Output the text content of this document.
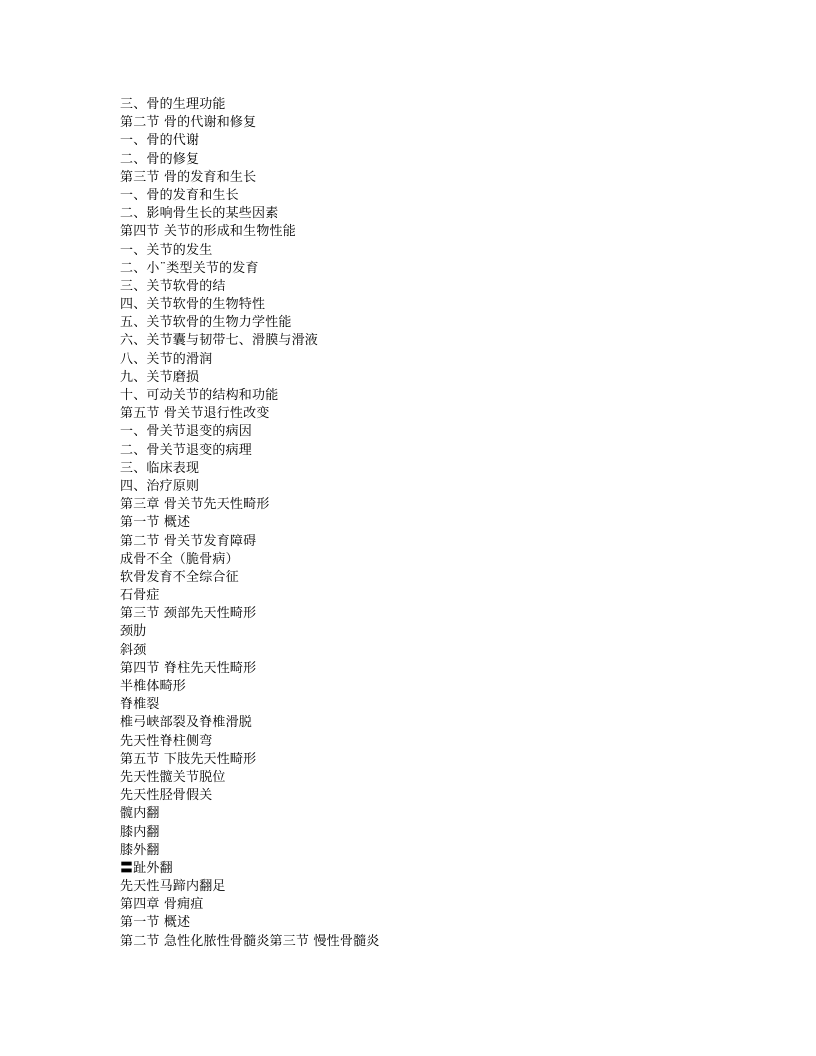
三、骨的生理功能
第二节 骨的代谢和修复
一、骨的代谢
二、骨的修复
第三节 骨的发育和生长
一、骨的发育和生长
二、影响骨生长的某些因素
第四节 关节的形成和生物性能
一、关节的发生
二、小¨类型关节的发育
三、关节软骨的结
四、关节软骨的生物特性
五、关节软骨的生物力学性能
六、关节囊与韧带七、滑膜与滑液
八、关节的滑润
九、关节磨损
十、可动关节的结构和功能
第五节 骨关节退行性改变
一、骨关节退变的病因
二、骨关节退变的病理
三、临床表现
四、治疗原则
第三章 骨关节先天性畸形
第一节 概述
第二节 骨关节发育障碍
成骨不全（脆骨病）
软骨发育不全综合征
石骨症
第三节 颈部先天性畸形
颈肋
斜颈
第四节 脊柱先天性畸形
半椎体畸形
脊椎裂
椎弓峡部裂及脊椎滑脱
先天性脊柱侧弯
第五节 下肢先天性畸形
先天性髋关节脱位
先天性胫骨假关
髋内翻
膝内翻
膝外翻
〓趾外翻
先天性马蹄内翻足
第四章 骨痈疽
第一节 概述
第二节 急性化脓性骨髓炎第三节 慢性骨髓炎
